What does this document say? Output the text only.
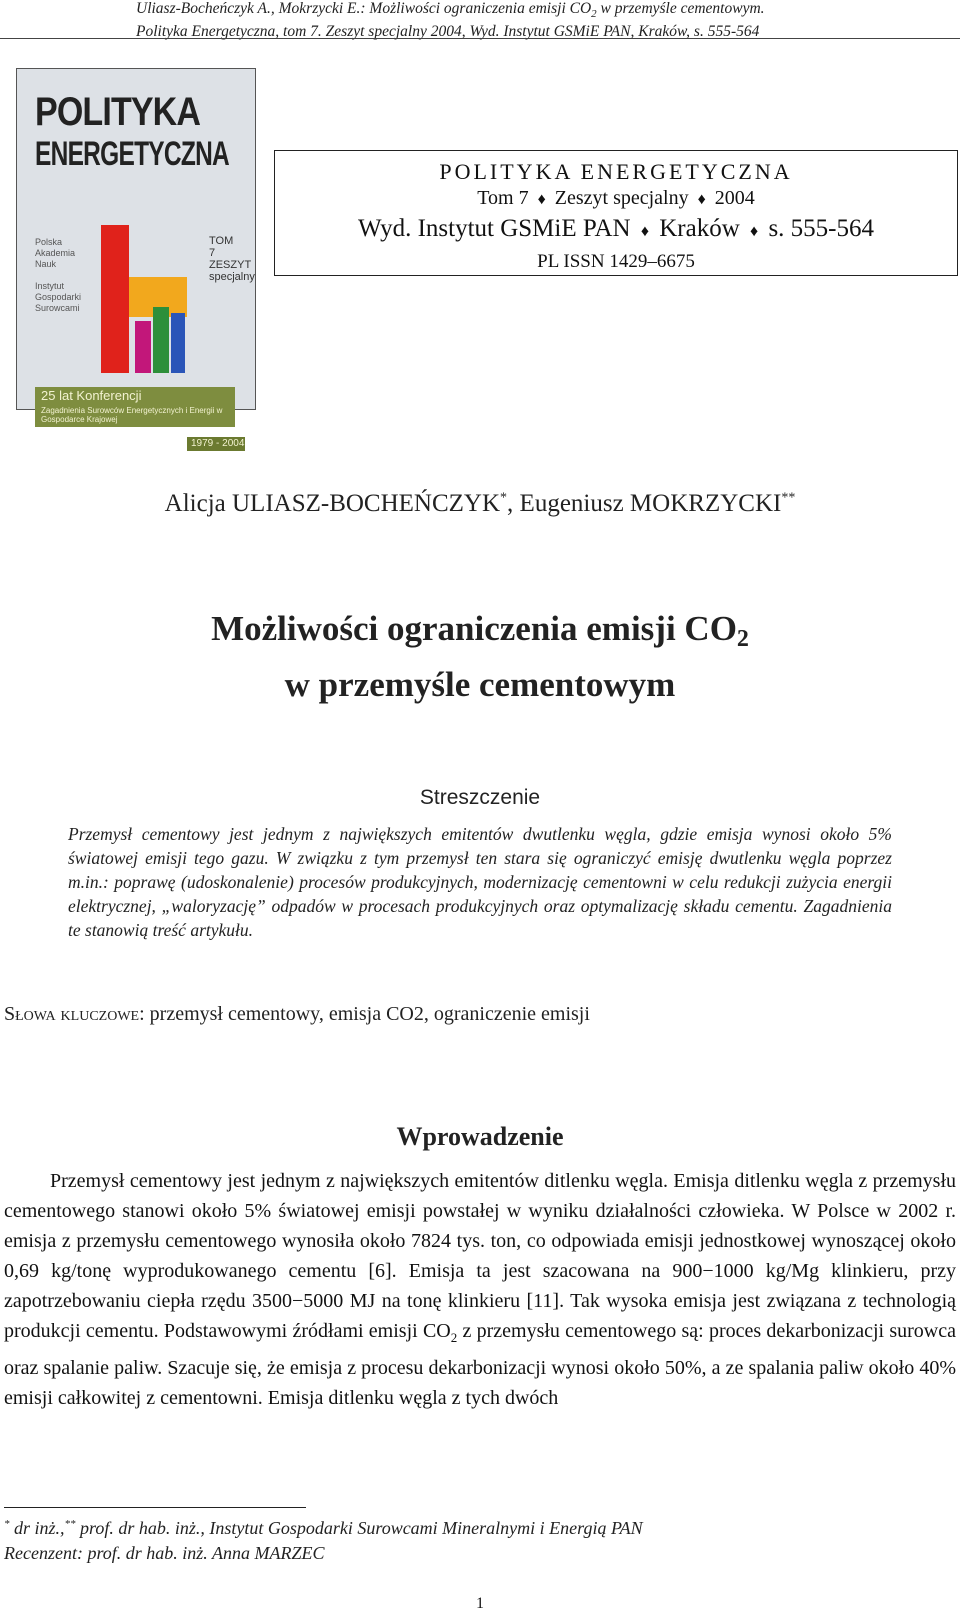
Uliasz-Bocheńczyk A., Mokrzycki E.: Możliwości ograniczenia emisji $CO_2$ w przemyśle cementowym.
Polityka Energetyczna, tom 7. Zeszyt specjalny 2004, Wyd. Instytut GSMiE PAN, Kraków, s. 555-564
POLITYKA
ENERGETYCZNA
Polska
Akademia
Nauk
Instytut
Gospodarki
Surowcami
TOM
7
ZESZYT
specjalny
25 lat Konferencji
Zagadnienia Surowców Energetycznych i Energii w Gospodarce Krajowej
1979 - 2004
POLITYKA ENERGETYCZNA
Tom 7 ♦ Zeszyt specjalny ♦ 2004
Wyd. Instytut GSMiE PAN ♦ Kraków ♦ s. 555-564
PL ISSN 1429–6675
Alicja ULIASZ-BOCHEŃCZYK*, Eugeniusz MOKRZYCKI**
Możliwości ograniczenia emisji $CO_2$
w przemyśle cementowym
Streszczenie
Przemysł cementowy jest jednym z największych emitentów dwutlenku węgla, gdzie emisja wynosi około 5% światowej emisji tego gazu. W związku z tym przemysł ten stara się ograniczyć emisję dwutlenku węgla poprzez m.in.: poprawę (udoskonalenie) procesów produkcyjnych, modernizację cementowni w celu redukcji zużycia energii elektrycznej, „waloryzację” odpadów w procesach produkcyjnych oraz optymalizację składu cementu. Zagadnienia te stanowią treść artykułu.
Słowa kluczowe: przemysł cementowy, emisja CO2, ograniczenie emisji
Wprowadzenie
Przemysł cementowy jest jednym z największych emitentów ditlenku węgla. Emisja ditlenku węgla z przemysłu cementowego stanowi około 5% światowej emisji powstałej w wyniku działalności człowieka. W Polsce w 2002 r. emisja z przemysłu cementowego wynosiła około 7824 tys. ton, co odpowiada emisji jednostkowej wynoszącej około 0,69 kg/tonę wyprodukowanego cementu [6]. Emisja ta jest szacowana na 900−1000 kg/Mg klinkieru, przy zapotrzebowaniu ciepła rzędu 3500−5000 MJ na tonę klinkieru [11]. Tak wysoka emisja jest związana z technologią produkcji cementu. Podstawowymi źródłami emisji $CO_2$ z przemysłu cementowego są: proces dekarbonizacji surowca oraz spalanie paliw. Szacuje się, że emisja z procesu dekarbonizacji wynosi około 50%, a ze spalania paliw około 40% emisji całkowitej z cementowni. Emisja ditlenku węgla z tych dwóch
* dr inż.,** prof. dr hab. inż., Instytut Gospodarki Surowcami Mineralnymi i Energią PAN
Recenzent: prof. dr hab. inż. Anna MARZEC
1
